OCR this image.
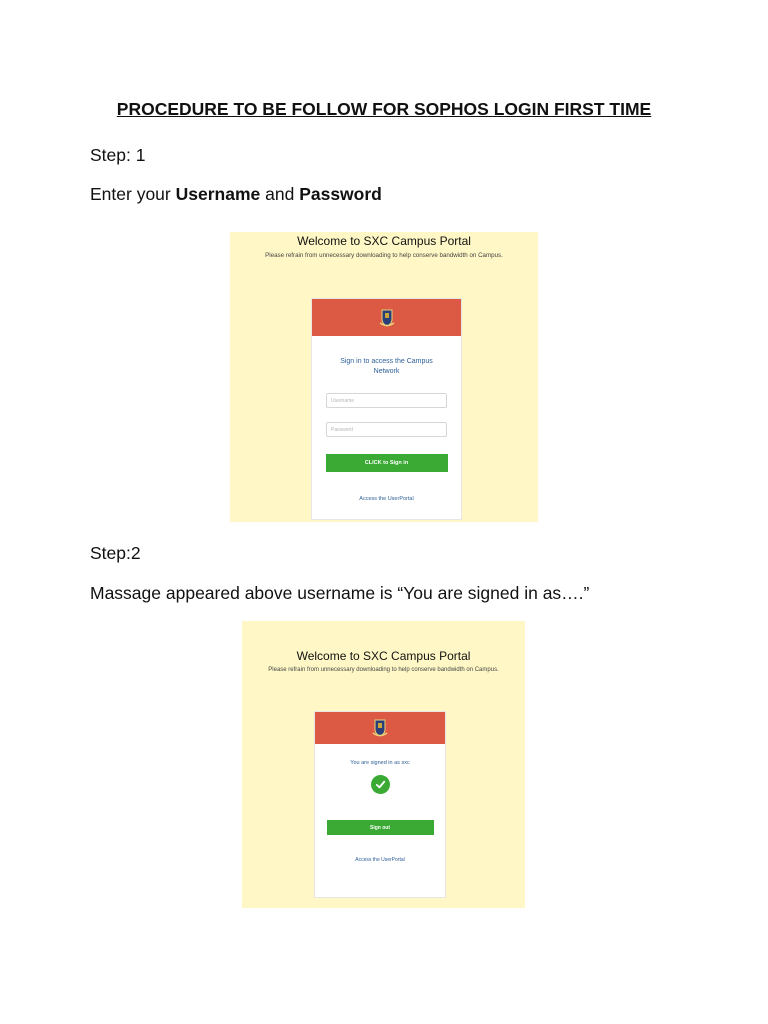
PROCEDURE TO BE FOLLOW FOR SOPHOS LOGIN FIRST TIME

Step: 1

Enter your Username and Password

Welcome to SXC Campus Portal

Please refrain from unnecessary downloading to help conserve bandwidth on Campus.

Sign in to access the Campus Network

Username
CLICK to Sign in
Access the UserPortal

Step:2

Massage appeared above username is “You are signed in as….”

Welcome to SXC Campus Portal

Please refrain from unnecessary downloading to help conserve bandwidth on Campus.

You are signed in as sxc

Sign out
Access the UserPortal
